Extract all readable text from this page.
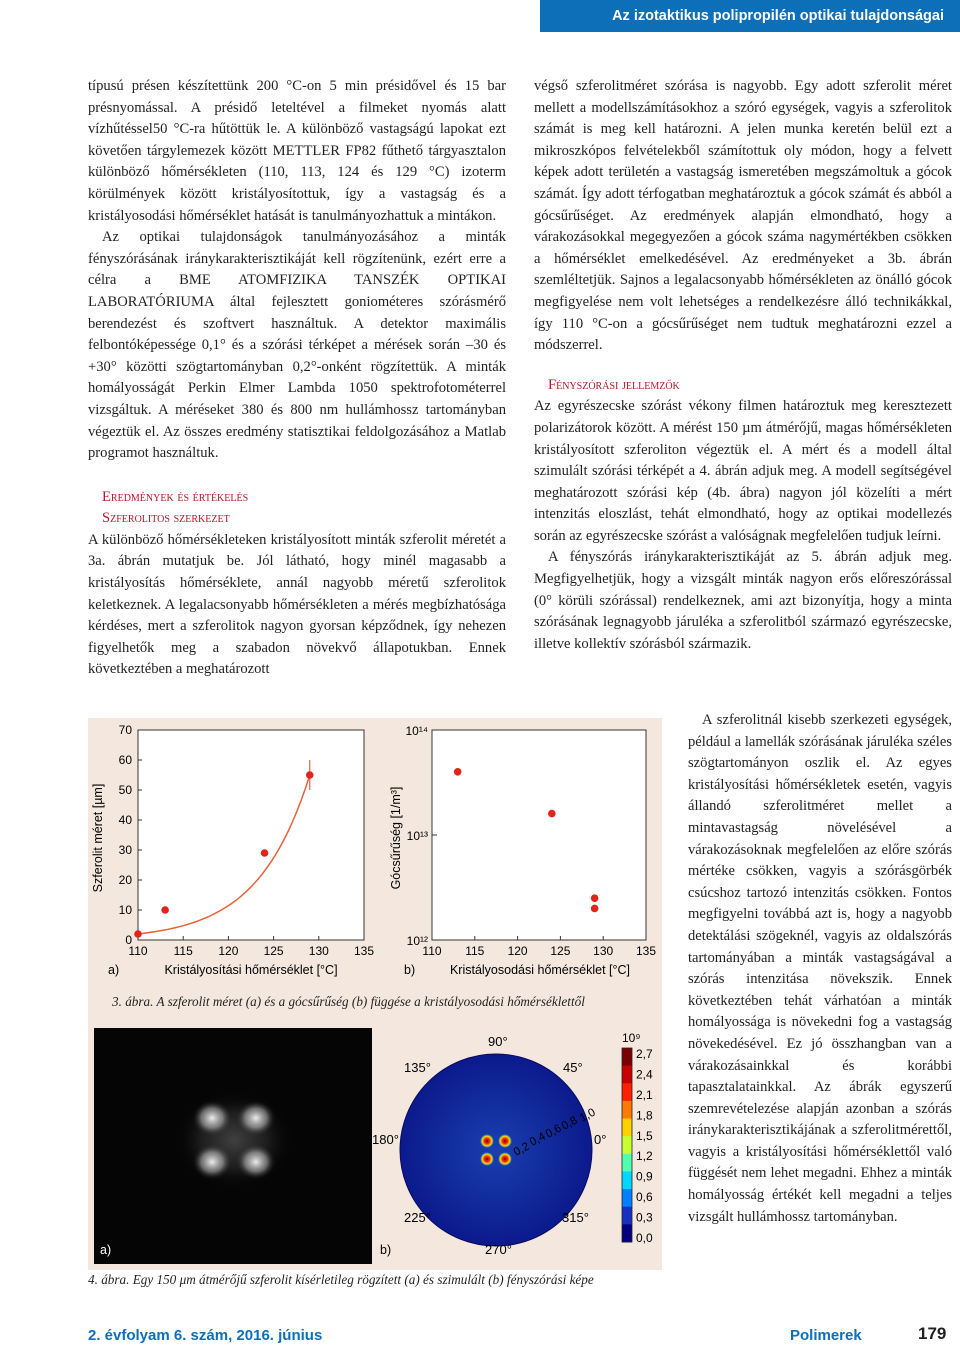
Az izotaktikus polipropilén optikai tulajdonságai

típusú présen készítettünk 200 °C-on 5 min présidővel és 15 bar présnyomással. A présidő leteltével a filmeket nyomás alatt vízhűtéssel50 °C-ra hűtöttük le. A különböző vastagságú lapokat ezt követően tárgylemezek között METTLER FP82 fűthető tárgyasztalon különböző hőmérsékleten (110, 113, 124 és 129 °C) izoterm körülmények között kristályosítottuk, így a vastagság és a kristályosodási hőmérséklet hatását is tanulmányozhattuk a mintákon.

Az optikai tulajdonságok tanulmányozásához a minták fényszórásának iránykarakterisztikáját kell rögzítenünk, ezért erre a célra a BME ATOMFIZIKA TANSZÉK OPTIKAI LABORATÓRIUMA által fejlesztett goniométeres szórásmérő berendezést és szoftvert használtuk. A detektor maximális felbontóképessége 0,1° és a szórási térképet a mérések során –30 és +30° közötti szögtartományban 0,2°-onként rögzítettük. A minták homályosságát Perkin Elmer Lambda 1050 spektrofotométerrel vizsgáltuk. A méréseket 380 és 800 nm hullámhossz tartományban végeztük el. Az összes eredmény statisztikai feldolgozásához a Matlab programot használtuk.

Eredmények és értékelés

Szferolitos szerkezet

A különböző hőmérsékleteken kristályosított minták szferolit méretét a 3a. ábrán mutatjuk be. Jól látható, hogy minél magasabb a kristályosítás hőmérséklete, annál nagyobb méretű szferolitok keletkeznek. A legalacsonyabb hőmérsékleten a mérés megbízhatósága kérdéses, mert a szferolitok nagyon gyorsan képződnek, így nehezen figyelhetők meg a szabadon növekvő állapotukban. Ennek következtében a meghatározott

végső szferolitméret szórása is nagyobb. Egy adott szferolit méret mellett a modellszámításokhoz a szóró egységek, vagyis a szferolitok számát is meg kell határozni. A jelen munka keretén belül ezt a mikroszkópos felvételekből számítottuk oly módon, hogy a felvett képek adott területén a vastagság ismeretében megszámoltuk a gócok számát. Így adott térfogatban meghatároztuk a gócok számát és abból a gócsűrűséget. Az eredmények alapján elmondható, hogy a várakozásokkal megegyezően a gócok száma nagymértékben csökken a hőmérséklet emelkedésével. Az eredményeket a 3b. ábrán szemléltetjük. Sajnos a legalacsonyabb hőmérsékleten az önálló gócok megfigyelése nem volt lehetséges a rendelkezésre álló technikákkal, így 110 °C-on a gócsűrűséget nem tudtuk meghatározni ezzel a módszerrel.

Fényszórási jellemzők

Az egyrészecske szórást vékony filmen határoztuk meg keresztezett polarizátorok között. A mérést 150 µm átmérőjű, magas hőmérsékleten kristályosított szferoliton végeztük el. A mért és a modell által szimulált szórási térképét a 4. ábrán adjuk meg. A modell segítségével meghatározott szórási kép (4b. ábra) nagyon jól közelíti a mért intenzitás eloszlást, tehát elmondható, hogy az optikai modellezés során az egyrészecske szórást a valóságnak megfelelően tudjuk leírni.

A fényszórás iránykarakterisztikáját az 5. ábrán adjuk meg. Megfigyelhetjük, hogy a vizsgált minták nagyon erős előreszórással (0° körüli szórással) rendelkeznek, ami azt bizonyítja, hogy a minta szórásának legnagyobb járuléka a szferolitból származó egyrészecske, illetve kollektív szórásból származik.

A szferolitnál kisebb szerkezeti egységek, például a lamellák szórásának járuléka széles szögtartományon oszlik el. Az egyes kristályosítási hőmérsékletek esetén, vagyis állandó szferolitméret mellet a mintavastagság növelésével a várakozásoknak megfelelően az előre szórás mértéke csökken, vagyis a szórásgörbék csúcshoz tartozó intenzitás csökken. Fontos megfigyelni továbbá azt is, hogy a nagyobb detektálási szögeknél, vagyis az oldalszórás tartományában a minták vastagságával a szórás intenzitása növekszik. Ennek következtében tehát várhatóan a minták homályossága is növekedni fog a vastagság növekedésével. Ez jó összhangban van a várakozásainkkal és korábbi tapasztalatainkkal. Az ábrák egyszerű szemrevételezése alapján azonban a szórás iránykarakterisztikájának a szferolitmérettől, vagyis a kristályosítási hőmérséklettől való függését nem lehet megadni. Ehhez a minták homályosság értékét kell megadni a teljes vizsgált hullámhossz tartományban.

0
10
20
30
40
50
60
70
110 115 120 125 130 135
Szferolit méret [µm]
Kristályosítási hőmérséklet [°C]
a)
10¹⁴
10¹³
10¹²
110 115 120 125 130 135
Gócsűrűség [1/m³]
Kristályosodási hőmérséklet [°C]
b)
3. ábra. A szferolit méret (a) és a gócsűrűség (b) függése a kristályosodási hőmérséklettől
a)
90°
45°
135°
180°	0°
225°
270°
315°
0,2
0,4
0,6
0,8
1,0
10⁹
2,7
2,4
2,1
1,8
1,5
1,2
0,9
0,6
0,3
0,0
b)
4. ábra. Egy 150 μm átmérőjű szferolit kísérletileg rögzített (a) és szimulált (b) fényszórási képe
2. évfolyam 6. szám, 2016. június	Polimerek	179
